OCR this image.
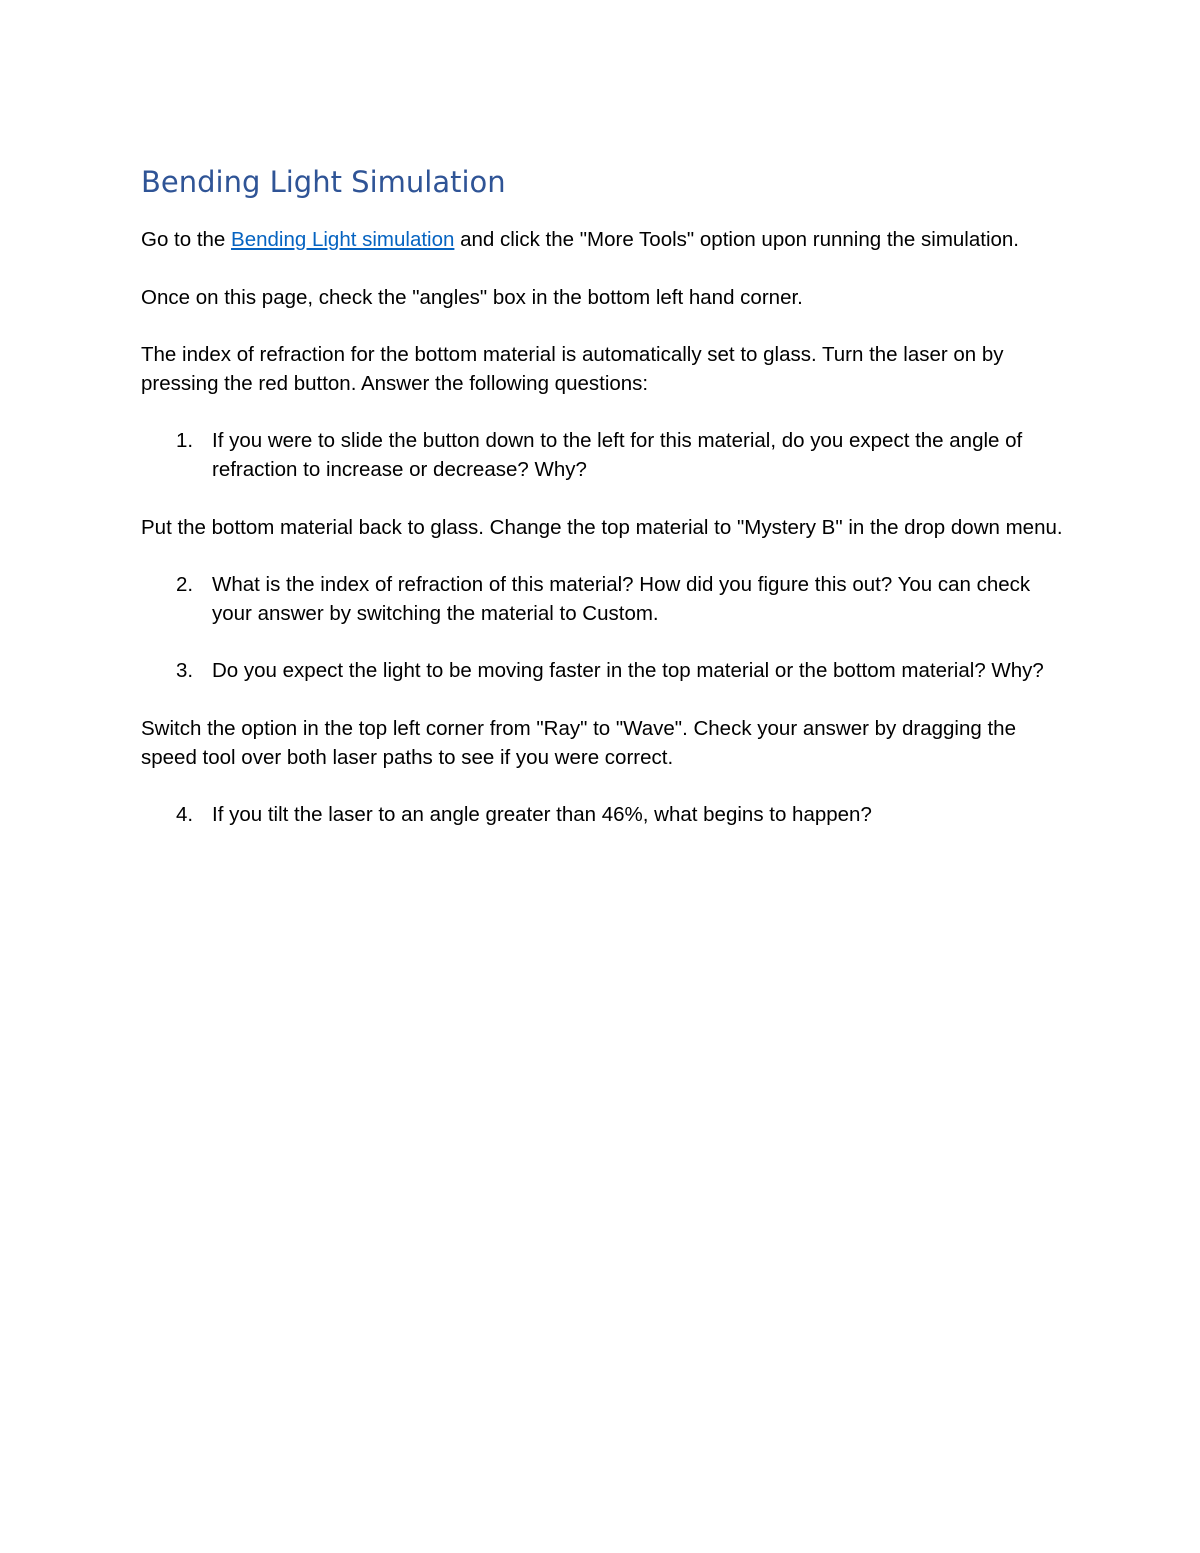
Bending Light Simulation

Go to the Bending Light simulation and click the "More Tools" option upon running the simulation.

Once on this page, check the "angles" box in the bottom left hand corner.

The index of refraction for the bottom material is automatically set to glass. Turn the laser on by pressing the red button. Answer the following questions:

1. If you were to slide the button down to the left for this material, do you expect the angle of refraction to increase or decrease? Why?

Put the bottom material back to glass. Change the top material to "Mystery B" in the drop down menu.

2. What is the index of refraction of this material? How did you figure this out? You can check your answer by switching the material to Custom.
3. Do you expect the light to be moving faster in the top material or the bottom material? Why?

Switch the option in the top left corner from "Ray" to "Wave". Check your answer by dragging the speed tool over both laser paths to see if you were correct.

4. If you tilt the laser to an angle greater than 46%, what begins to happen?
